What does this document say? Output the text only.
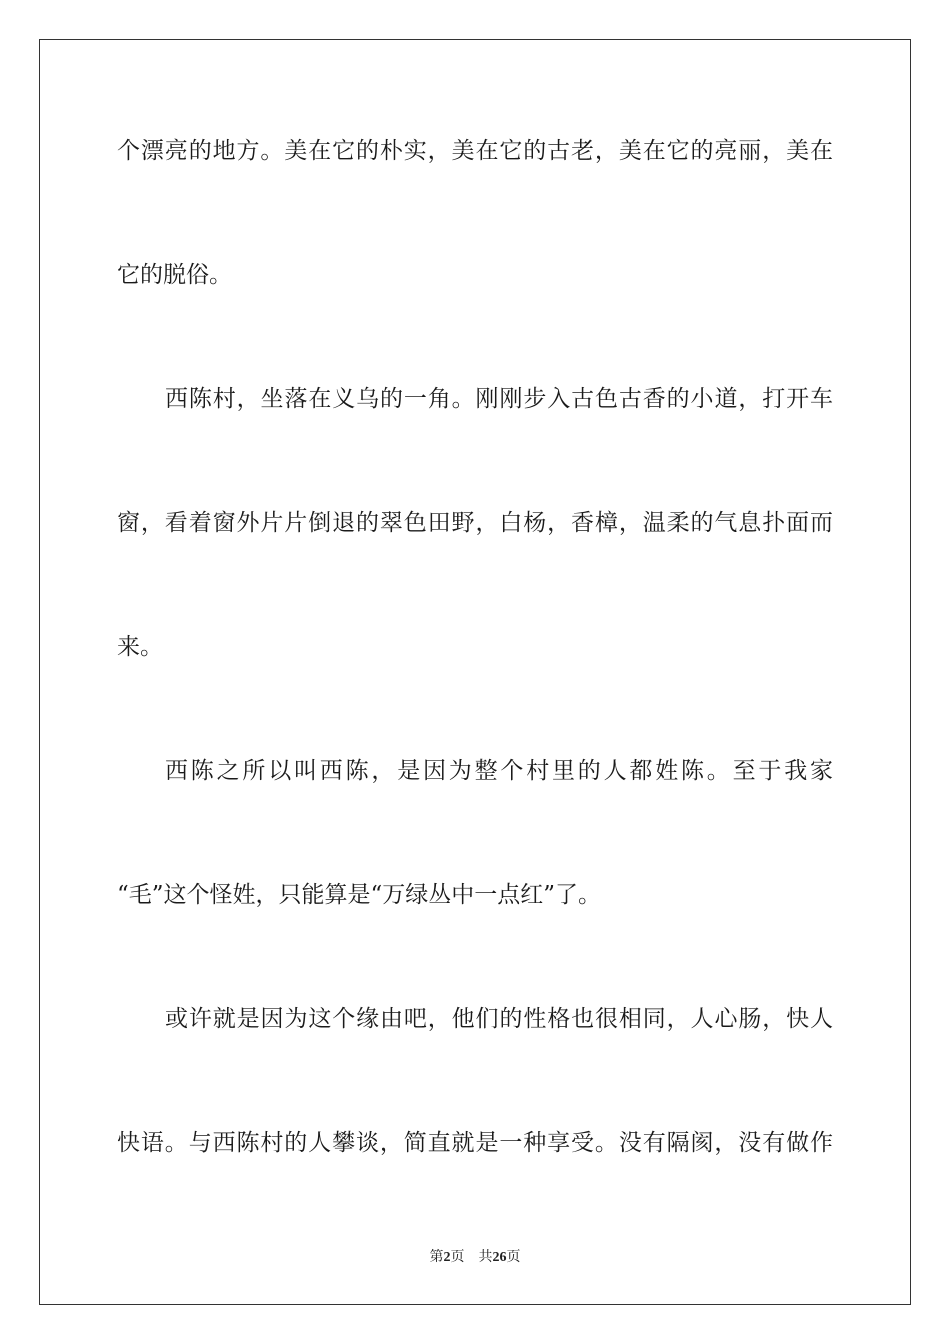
个漂亮的地方。美在它的朴实，美在它的古老，美在它的亮丽，美在
它的脱俗。
西陈村，坐落在义乌的一角。刚刚步入古色古香的小道，打开车
窗，看着窗外片片倒退的翠色田野，白杨，香樟，温柔的气息扑面而
来。
西陈之所以叫西陈，是因为整个村里的人都姓陈。至于我家
“毛”这个怪姓，只能算是“万绿丛中一点红”了。
或许就是因为这个缘由吧，他们的性格也很相同，人心肠，快人
快语。与西陈村的人攀谈，简直就是一种享受。没有隔阂，没有做作
第2页 共26页
